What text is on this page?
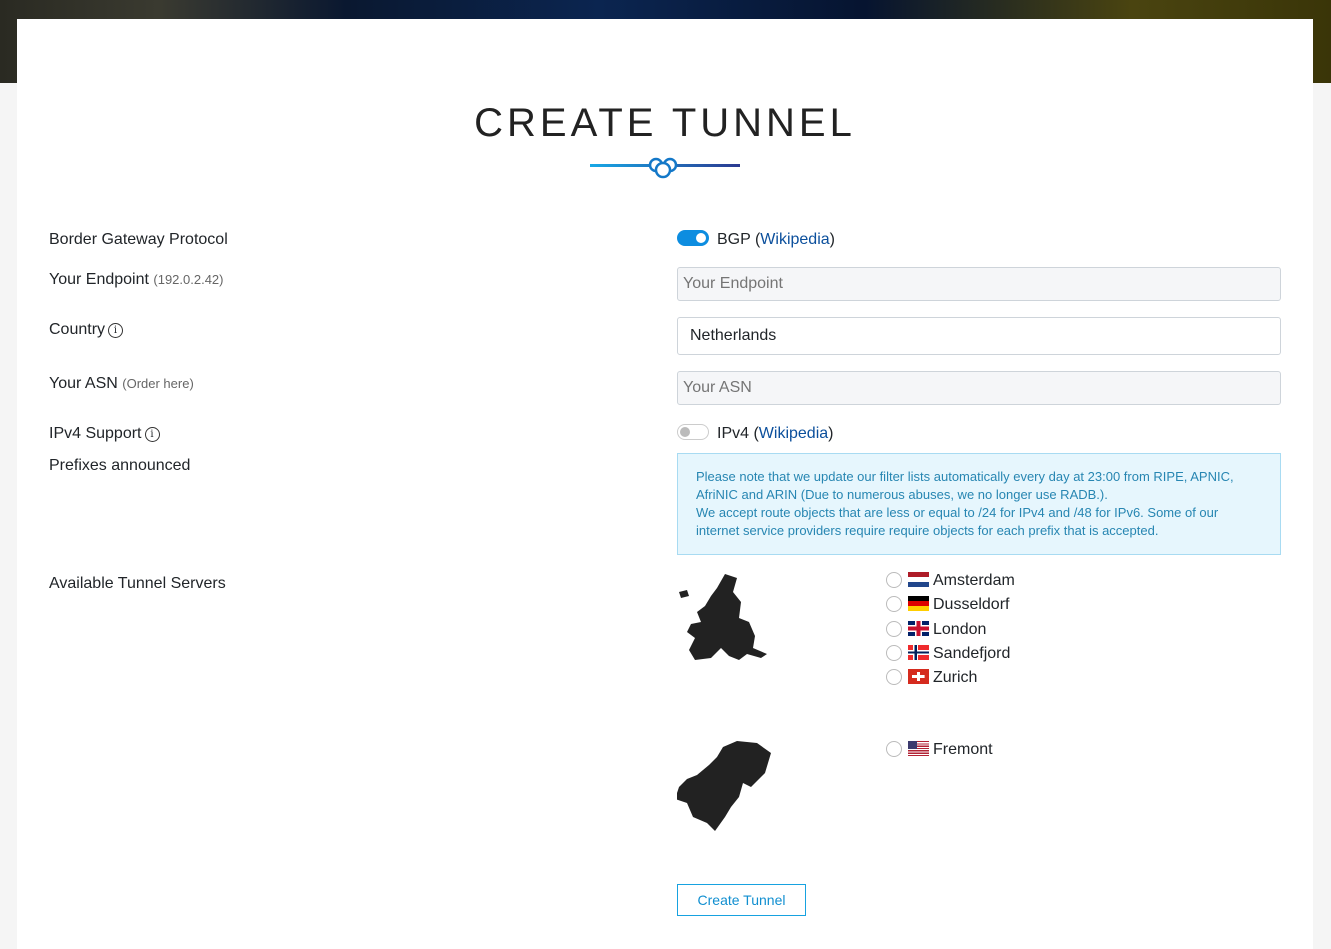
CREATE TUNNEL
Border Gateway Protocol
Your Endpoint (192.0.2.42)
Country i
Your ASN (Order here)
IPv4 Support i
Prefixes announced
Available Tunnel Servers
BGP (Wikipedia)
Your Endpoint
Netherlands
Your ASN
IPv4 (Wikipedia)
Please note that we update our filter lists automatically every day at 23:00 from RIPE, APNIC, AfriNIC and ARIN (Due to numerous abuses, we no longer use RADB.).
We accept route objects that are less or equal to /24 for IPv4 and /48 for IPv6. Some of our internet service providers require require objects for each prefix that is accepted.
Amsterdam
Dusseldorf
London
Sandefjord
Zurich
Fremont
Create Tunnel
